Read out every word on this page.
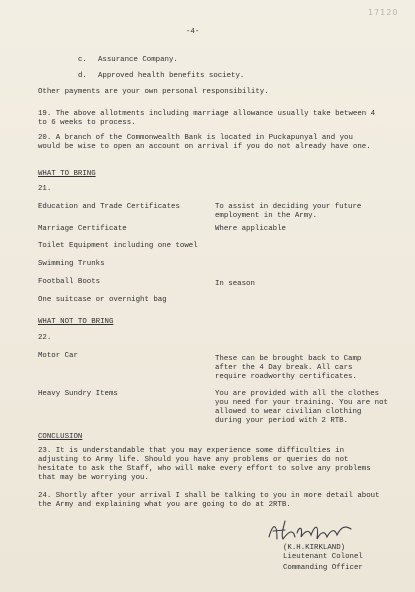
-4-
17120
c. Assurance Company.
d. Approved health benefits society.
Other payments are your own personal responsibility.
19. The above allotments including marriage allowance usually take between 4 to 6 weeks to process.
20. A branch of the Commonwealth Bank is located in Puckapunyal and you would be wise to open an account on arrival if you do not already have one.
WHAT TO BRING
21.
Education and Trade Certificates	To assist in deciding your future employment in the Army.
Marriage Certificate	Where applicable
Toilet Equipment including one towel
Swimming Trunks
Football Boots	In season
One suitcase or overnight bag
WHAT NOT TO BRING
22.
Motor Car	These can be brought back to Camp after the 4 Day break. All cars require roadworthy certificates.
Heavy Sundry Items	You are provided with all the clothes you need for your training. You are not allowed to wear civilian clothing during your period with 2 RTB.
CONCLUSION
23. It is understandable that you may experience some difficulties in adjusting to Army life. Should you have any problems or queries do not hesitate to ask the Staff, who will make every effort to solve any problems that may be worrying you.
24. Shortly after your arrival I shall be talking to you in more detail about the Army and explaining what you are going to do at 2RTB.
(K.H.KIRKLAND)
Lieutenant Colonel
Commanding Officer
